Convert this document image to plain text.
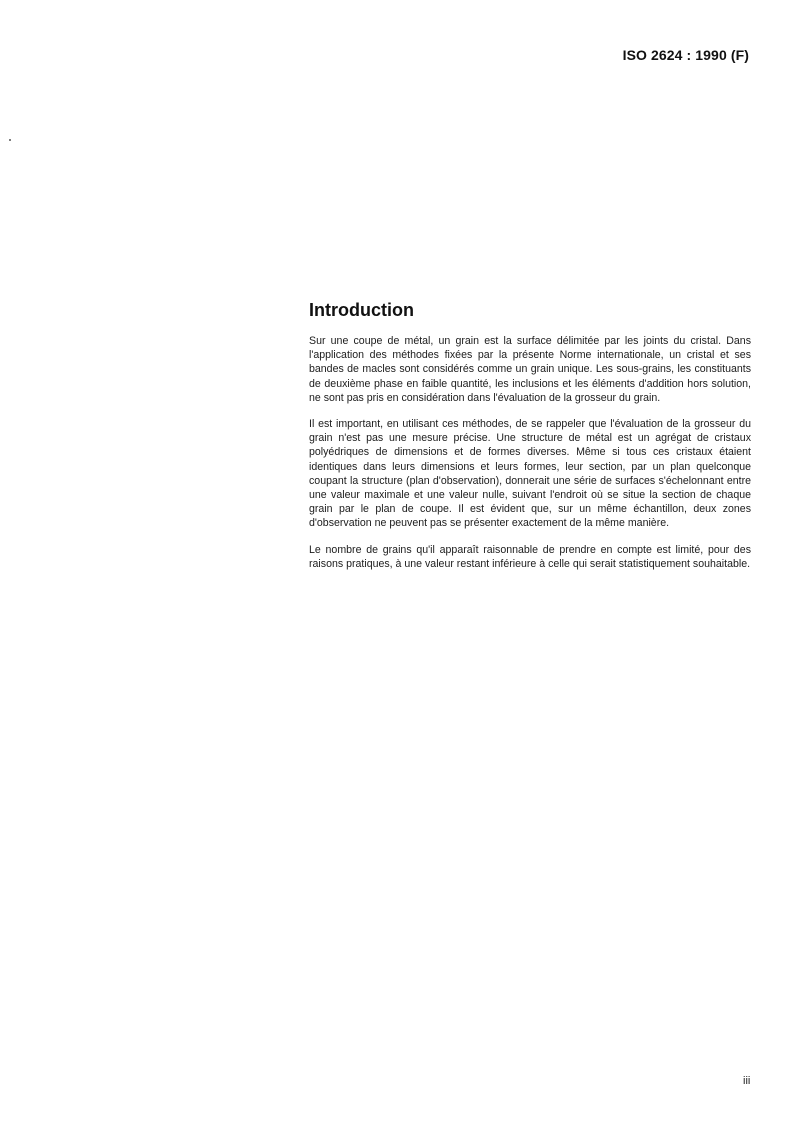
ISO 2624 : 1990 (F)
Introduction

Sur une coupe de métal, un grain est la surface délimitée par les joints du cristal. Dans l'application des méthodes fixées par la présente Norme internationale, un cristal et ses bandes de macles sont considérés comme un grain unique. Les sous-grains, les constituants de deuxième phase en faible quantité, les inclusions et les éléments d'addition hors solution, ne sont pas pris en considération dans l'évaluation de la grosseur du grain.

Il est important, en utilisant ces méthodes, de se rappeler que l'évaluation de la grosseur du grain n'est pas une mesure précise. Une structure de métal est un agrégat de cristaux polyédriques de dimensions et de formes diverses. Même si tous ces cristaux étaient identiques dans leurs dimensions et leurs formes, leur section, par un plan quelconque coupant la structure (plan d'observation), donnerait une série de surfaces s'échelonnant entre une valeur maximale et une valeur nulle, suivant l'endroit où se situe la section de chaque grain par le plan de coupe. Il est évident que, sur un même échantillon, deux zones d'observation ne peuvent pas se présenter exactement de la même manière.

Le nombre de grains qu'il apparaît raisonnable de prendre en compte est limité, pour des raisons pratiques, à une valeur restant inférieure à celle qui serait statistiquement souhaitable.

iii
